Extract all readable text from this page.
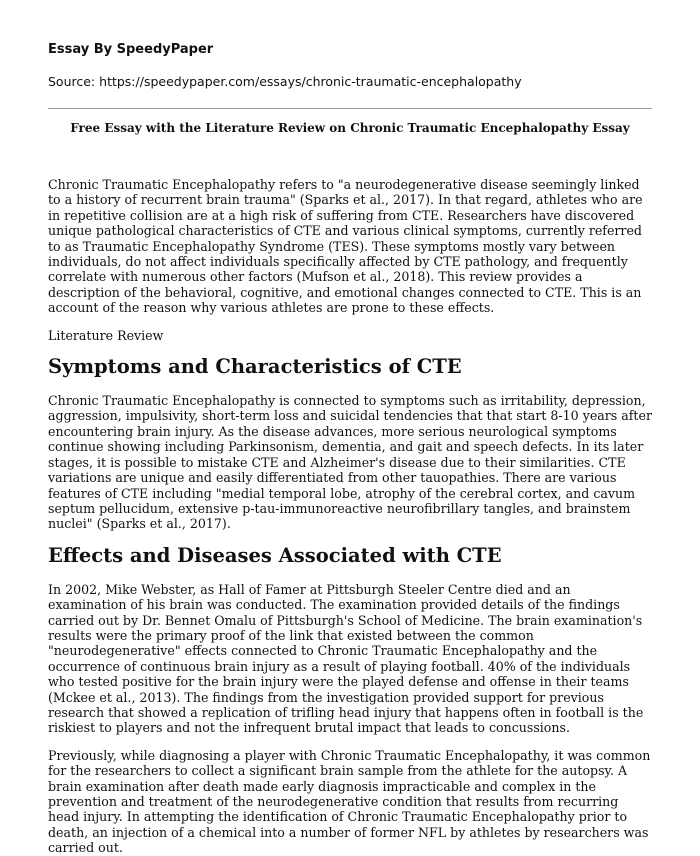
Essay By SpeedyPaper
Source: https://speedypaper.com/essays/chronic-traumatic-encephalopathy
Free Essay with the Literature Review on Chronic Traumatic Encephalopathy Essay

Chronic Traumatic Encephalopathy refers to "a neurodegenerative disease seemingly linked to a history of recurrent brain trauma" (Sparks et al., 2017). In that regard, athletes who are in repetitive collision are at a high risk of suffering from CTE. Researchers have discovered unique pathological characteristics of CTE and various clinical symptoms, currently referred to as Traumatic Encephalopathy Syndrome (TES). These symptoms mostly vary between individuals, do not affect individuals specifically affected by CTE pathology, and frequently correlate with numerous other factors (Mufson et al., 2018). This review provides a description of the behavioral, cognitive, and emotional changes connected to CTE. This is an account of the reason why various athletes are prone to these effects.

Literature Review

Symptoms and Characteristics of CTE

Chronic Traumatic Encephalopathy is connected to symptoms such as irritability, depression, aggression, impulsivity, short-term loss and suicidal tendencies that that start 8-10 years after encountering brain injury. As the disease advances, more serious neurological symptoms continue showing including Parkinsonism, dementia, and gait and speech defects. In its later stages, it is possible to mistake CTE and Alzheimer's disease due to their similarities. CTE variations are unique and easily differentiated from other tauopathies. There are various features of CTE including "medial temporal lobe, atrophy of the cerebral cortex, and cavum septum pellucidum, extensive p-tau-immunoreactive neurofibrillary tangles, and brainstem nuclei" (Sparks et al., 2017).

Effects and Diseases Associated with CTE

In 2002, Mike Webster, as Hall of Famer at Pittsburgh Steeler Centre died and an examination of his brain was conducted. The examination provided details of the findings carried out by Dr. Bennet Omalu of Pittsburgh's School of Medicine. The brain examination's results were the primary proof of the link that existed between the common "neurodegenerative" effects connected to Chronic Traumatic Encephalopathy and the occurrence of continuous brain injury as a result of playing football. 40% of the individuals who tested positive for the brain injury were the played defense and offense in their teams (Mckee et al., 2013). The findings from the investigation provided support for previous research that showed a replication of trifling head injury that happens often in football is the riskiest to players and not the infrequent brutal impact that leads to concussions.

Previously, while diagnosing a player with Chronic Traumatic Encephalopathy, it was common for the researchers to collect a significant brain sample from the athlete for the autopsy. A brain examination after death made early diagnosis impracticable and complex in the prevention and treatment of the neurodegenerative condition that results from recurring head injury. In attempting the identification of Chronic Traumatic Encephalopathy prior to death, an injection of a chemical into a number of former NFL by athletes by researchers was carried out.
